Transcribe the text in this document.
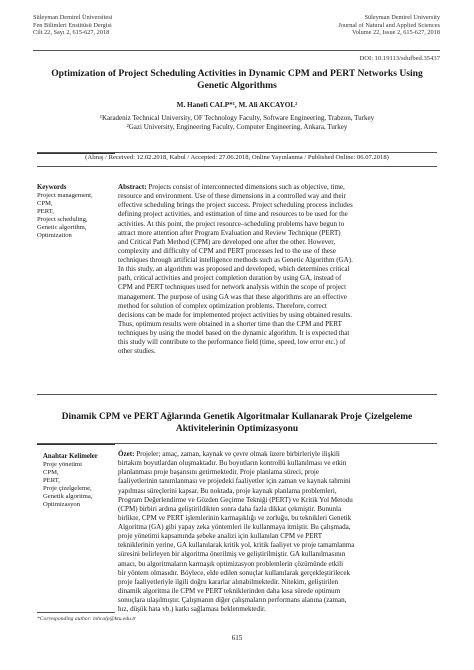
Süleyman Demirel Üniversitesi
Fen Bilimleri Enstitüsü Dergisi
Cilt 22, Sayı 2, 615-627, 2018
Süleyman Demirel University
Journal of Natural and Applied Sciences
Volume 22, Issue 2, 615-627, 2018
DOI: 10.19113/sdufbed.35437
Optimization of Project Scheduling Activities in Dynamic CPM and PERT Networks Using Genetic Algorithms
M. Hanefi CALP*¹, M. Ali AKCAYOL²
¹Karadeniz Technical University, OF Technology Faculty, Software Engineering, Trabzon, Turkey
²Gazi University, Engineering Faculty, Computer Engineering, Ankara, Turkey
(Alınış / Received: 12.02.2018, Kabul / Accepted: 27.06.2018, Online Yayınlanma / Published Online: 06.07.2018)
Keywords
Project management,
CPM,
PERT,
Project scheduling,
Genetic algorithm,
Optimization
Abstract: Projects consist of interconnected dimensions such as objective, time,
resource and environment. Use of these dimensions in a controlled way and their
effective scheduling brings the project success. Project scheduling process includes
defining project activities, and estimation of time and resources to be used for the
activities. At this point, the project resource–scheduling problems have begun to
attract more attention after Program Evaluation and Review Technique (PERT)
and Critical Path Method (CPM) are developed one after the other. However,
complexity and difficulty of CPM and PERT processes led to the use of these
techniques through artificial intelligence methods such as Genetic Algorithm (GA).
In this study, an algorithm was proposed and developed, which determines critical
path, critical activities and project completion duration by using GA, instead of
CPM and PERT techniques used for network analysis within the scope of project
management. The purpose of using GA was that these algorithms are an effective
method for solution of complex optimization problems. Therefore, correct
decisions can be made for implemented project activities by using obtained results.
Thus, optimum results were obtained in a shorter time than the CPM and PERT
techniques by using the model based on the dynamic algorithm. It is expected that
this study will contribute to the performance field (time, speed, low error etc.) of
other studies.
Dinamik CPM ve PERT Ağlarında Genetik Algoritmalar Kullanarak Proje Çizelgeleme Aktivitelerinin Optimizasyonu
Anahtar Kelimeler
Proje yönetimi
CPM,
PERT,
Proje çizelgeleme,
Genetik algoritma,
Optimizasyon
Özet: Projeler; amaç, zaman, kaynak ve çevre olmak üzere birbirleriyle ilişkili
birtakım boyutlardan oluşmaktadır. Bu boyutların kontrollü kullanılması ve etkin
planlanması proje başarısını getirmektedir. Proje planlama süreci, proje
faaliyetlerinin tanımlanması ve projedeki faaliyetler için zaman ve kaynak tahmini
yapılması süreçlerini kapsar. Bu noktada, proje kaynak planlama problemleri,
Program Değerlendirme ve Gözden Geçirme Tekniği (PERT) ve Kritik Yol Metodu
(CPM) birbiri ardına geliştirildikten sonra daha fazla dikkat çekmiştir. Bununla
birlikte, CPM ve PERT işlemlerinin karmaşıklığı ve zorluğu, bu teknikleri Genetik
Algoritma (GA) gibi yapay zeka yöntemleri ile kullanmaya itmiştir. Bu çalışmada,
proje yönetimi kapsamında şebeke analizi için kullanılan CPM ve PERT
tekniklerinin yerine, GA kullanılarak kritik yol, kritik faaliyet ve proje tamamlanma
süresini belirleyen bir algoritma önerilmiş ve geliştirilmiştir. GA kullanılmasının
amacı, bu algoritmaların karmaşık optimizasyon problemlerin çözümünde etkili
bir yöntem olmasıdır. Böylece, elde edilen sonuçlar kullanılarak gerçekleştirilecek
proje faaliyetleriyle ilgili doğru kararlar alınabilmektedir. Nitekim, geliştirilen
dinamik algoritma ile CPM ve PERT tekniklerinden daha kısa sürede optimum
sonuçlara ulaşılmıştır. Çalışmanın diğer çalışmaların performans alanına (zaman,
hız, düşük hata vb.) katkı sağlaması beklenmektedir.
*Corresponding author: mhcalp@ktu.edu.tr
615
